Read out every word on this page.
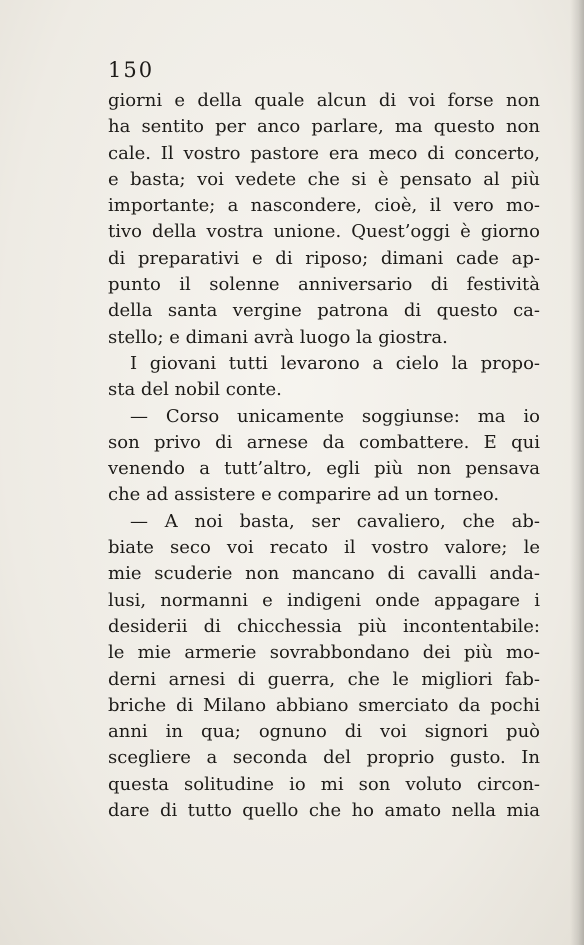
150
giorni e della quale alcun di voi forse non
ha sentito per anco parlare, ma questo non
cale. Il vostro pastore era meco di concerto,
e basta; voi vedete che si è pensato al più
importante; a nascondere, cioè, il vero mo-
tivo della vostra unione. Quest’oggi è giorno
di preparativi e di riposo; dimani cade ap-
punto il solenne anniversario di festività
della santa vergine patrona di questo ca-
stello; e dimani avrà luogo la giostra.
I giovani tutti levarono a cielo la propo-
sta del nobil conte.
— Corso unicamente soggiunse: ma io
son privo di arnese da combattere. E qui
venendo a tutt’altro, egli più non pensava
che ad assistere e comparire ad un torneo.
— A noi basta, ser cavaliero, che ab-
biate seco voi recato il vostro valore; le
mie scuderie non mancano di cavalli anda-
lusi, normanni e indigeni onde appagare i
desiderii di chicchessia più incontentabile:
le mie armerie sovrabbondano dei più mo-
derni arnesi di guerra, che le migliori fab-
briche di Milano abbiano smerciato da pochi
anni in qua; ognuno di voi signori può
scegliere a seconda del proprio gusto. In
questa solitudine io mi son voluto circon-
dare di tutto quello che ho amato nella mia
